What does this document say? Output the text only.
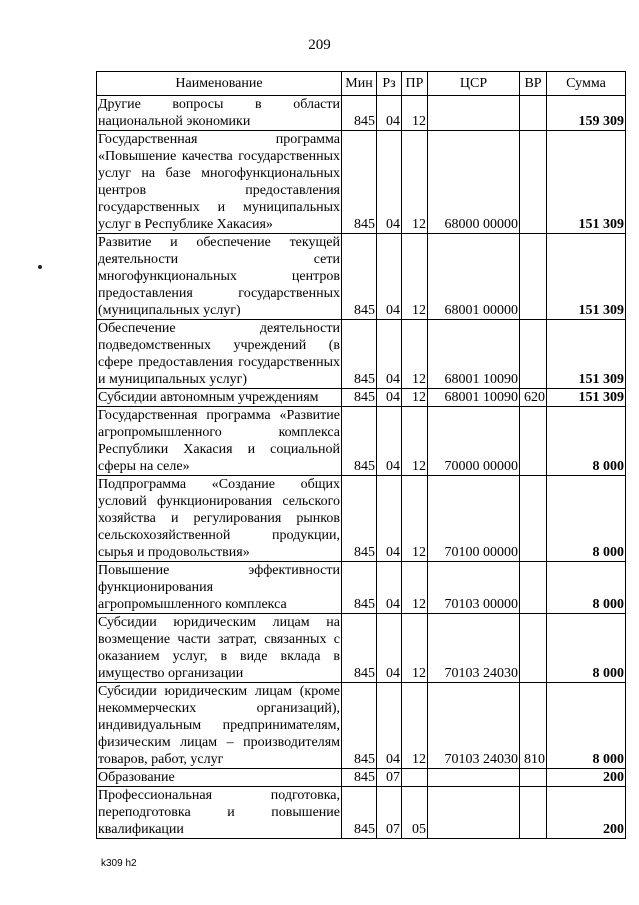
209
Наименование	Мин	Рз	ПР	ЦСР	ВР	Сумма
Другие вопросы в области национальной экономики	845	04	12			159 309
Государственная программа «Повышение качества государственных услуг на базе многофункциональных центров предоставления государственных и муниципальных услуг в Республике Хакасия»	845	04	12	68000 00000		151 309
Развитие и обеспечение текущей деятельности сети многофункциональных центров предоставления государственных (муниципальных услуг)	845	04	12	68001 00000		151 309
Обеспечение деятельности подведомственных учреждений (в сфере предоставления государственных и муниципальных услуг)	845	04	12	68001 10090		151 309
Субсидии автономным учреждениям	845	04	12	68001 10090	620	151 309
Государственная программа «Развитие агропромышленного комплекса Республики Хакасия и социальной сферы на селе»	845	04	12	70000 00000		8 000
Подпрограмма «Создание общих условий функционирования сельского хозяйства и регулирования рынков сельскохозяйственной продукции, сырья и продовольствия»	845	04	12	70100 00000		8 000
Повышение эффективности функционирования агропромышленного комплекса	845	04	12	70103 00000		8 000
Субсидии юридическим лицам на возмещение части затрат, связанных с оказанием услуг, в виде вклада в имущество организации	845	04	12	70103 24030		8 000
Субсидии юридическим лицам (кроме некоммерческих организаций), индивидуальным предпринимателям, физическим лицам – производителям товаров, работ, услуг	845	04	12	70103 24030	810	8 000
Образование	845	07				200
Профессиональная подготовка, переподготовка и повышение квалификации	845	07	05			200
k309 h2
